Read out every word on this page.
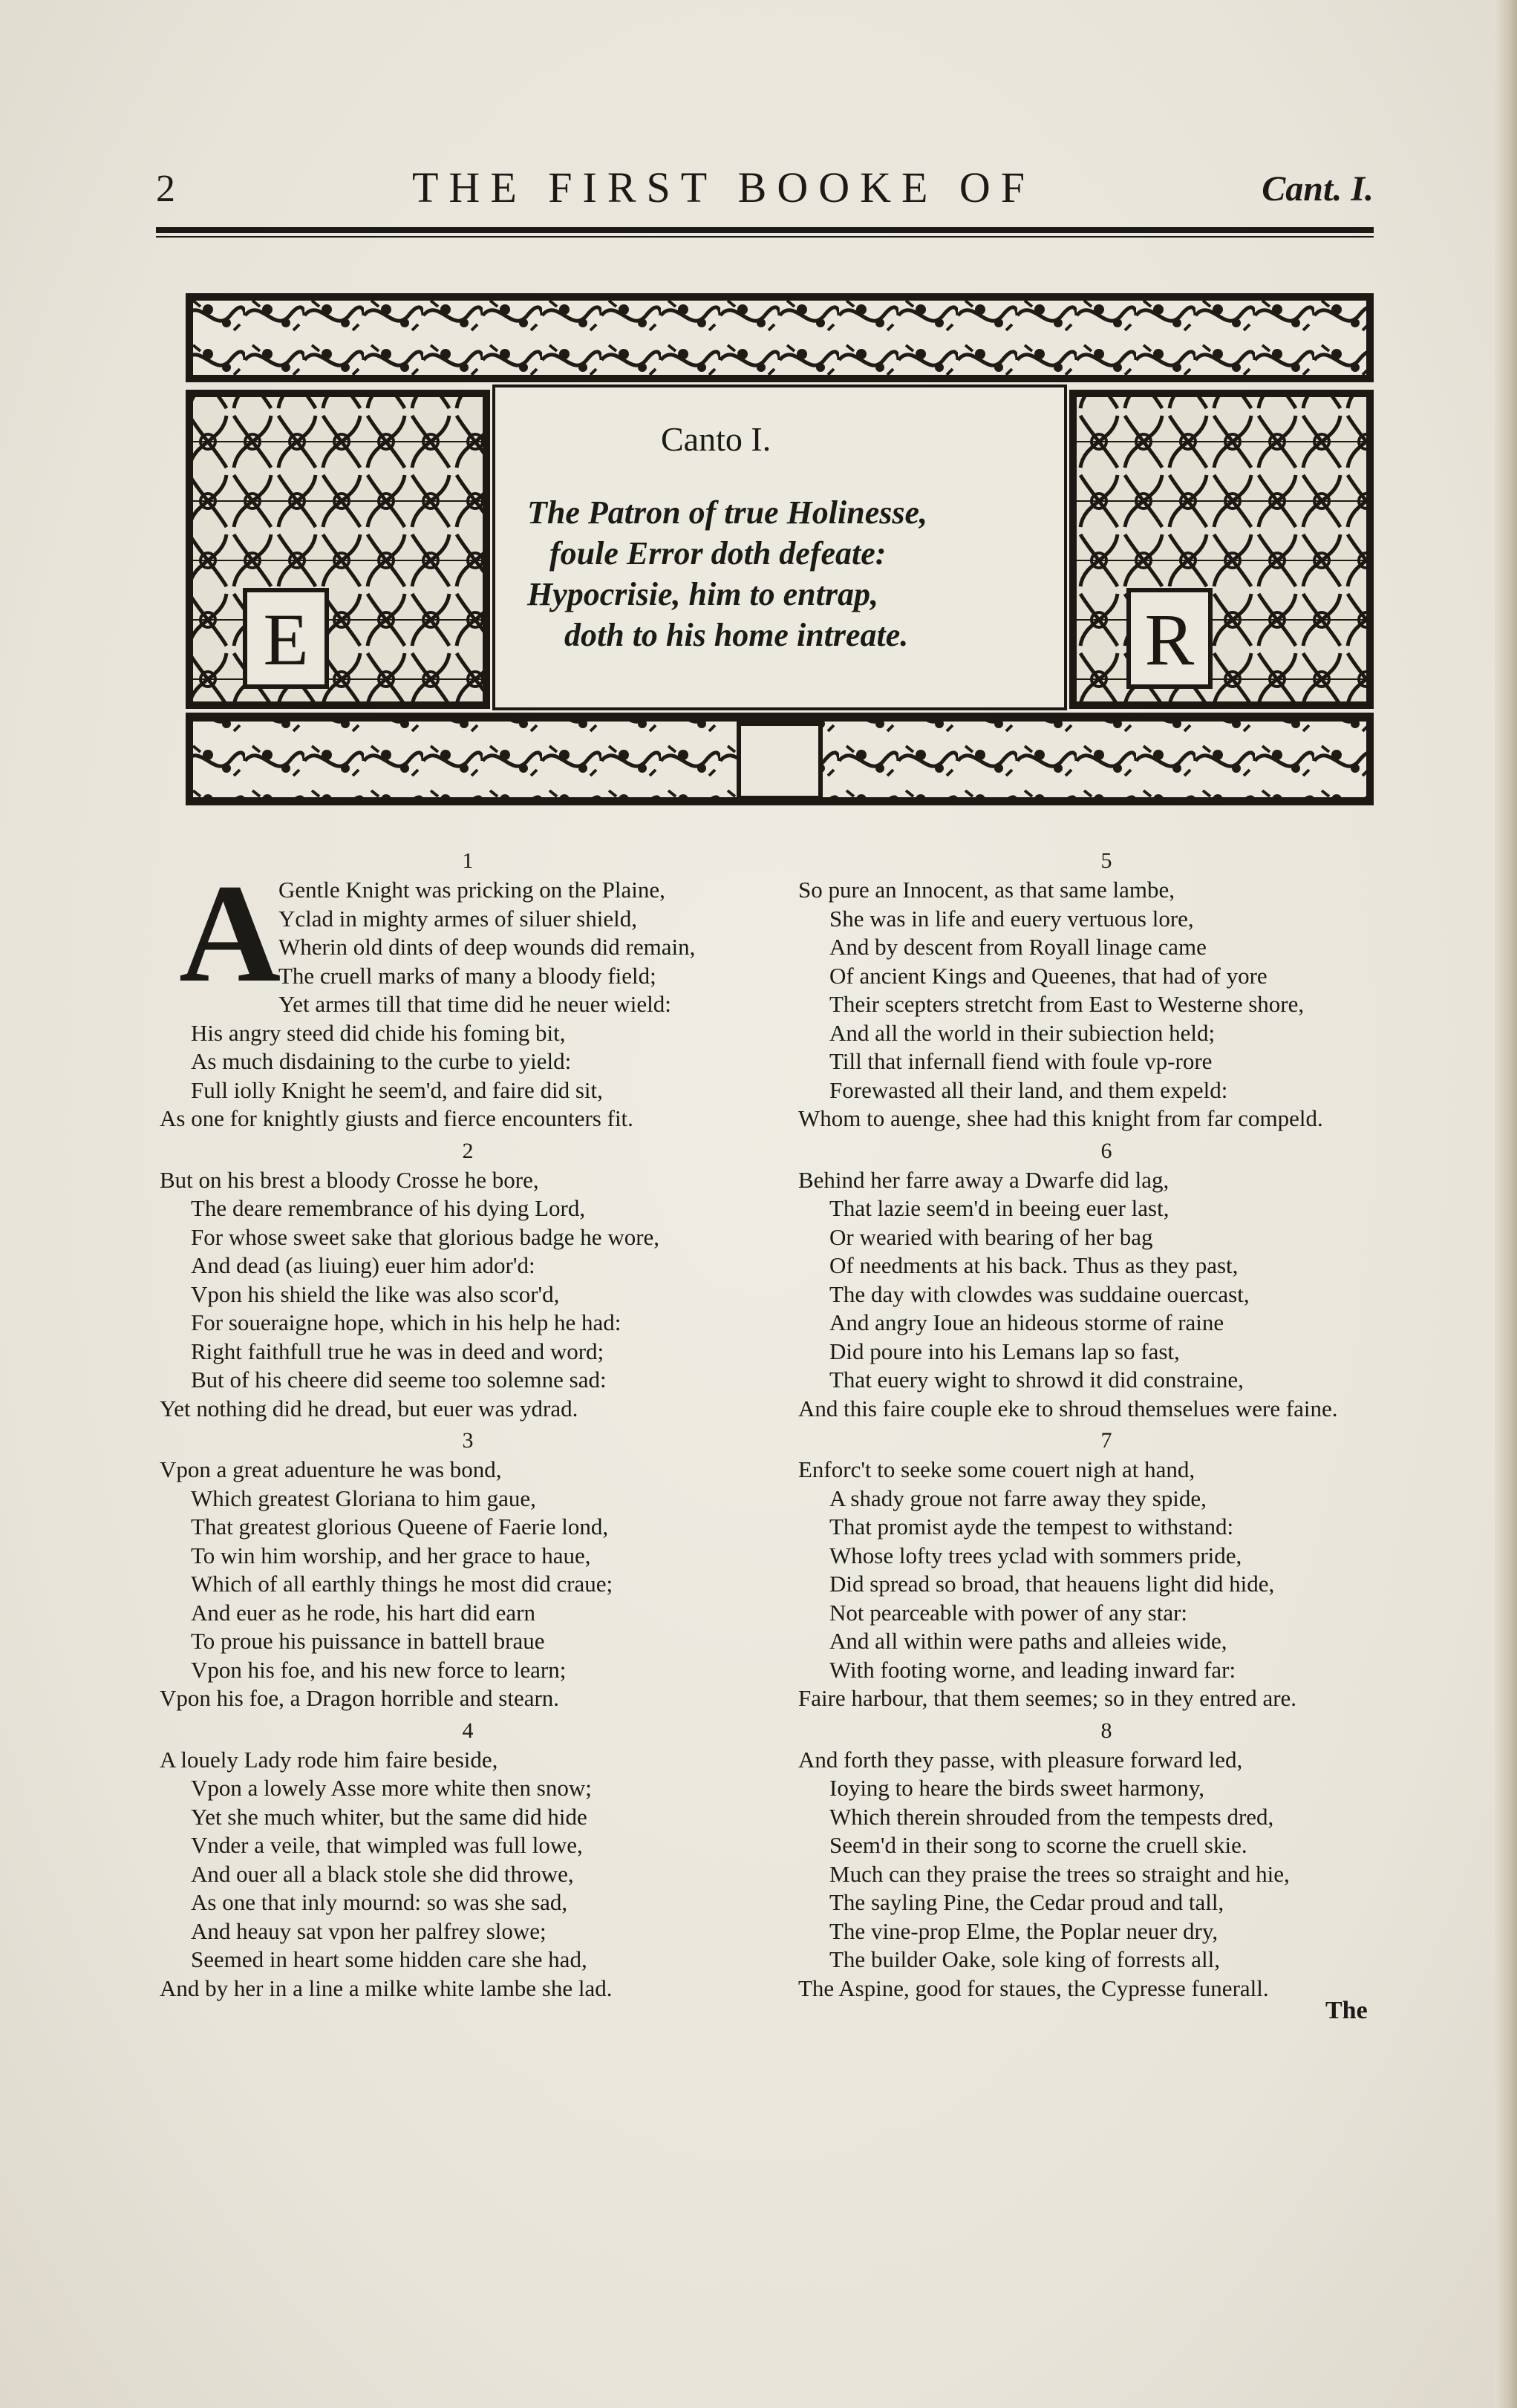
2	THE FIRST BOOKE OF	Cant. I.
E	R
Canto I.
The Patron of true Holinesse,
foule Error doth defeate:
Hypocrisie, him to entrap,
doth to his home intreate.
1
A
Gentle Knight was pricking on the Plaine,
Yclad in mighty armes of siluer shield,
Wherin old dints of deep wounds did remain,
The cruell marks of many a bloody field;
Yet armes till that time did he neuer wield:
His angry steed did chide his foming bit,
As much disdaining to the curbe to yield:
Full iolly Knight he seem'd, and faire did sit,
As one for knightly giusts and fierce encounters fit.
2
But on his brest a bloody Crosse he bore,
The deare remembrance of his dying Lord,
For whose sweet sake that glorious badge he wore,
And dead (as liuing) euer him ador'd:
Vpon his shield the like was also scor'd,
For soueraigne hope, which in his help he had:
Right faithfull true he was in deed and word;
But of his cheere did seeme too solemne sad:
Yet nothing did he dread, but euer was ydrad.
3
Vpon a great aduenture he was bond,
Which greatest Gloriana to him gaue,
That greatest glorious Queene of Faerie lond,
To win him worship, and her grace to haue,
Which of all earthly things he most did craue;
And euer as he rode, his hart did earn
To proue his puissance in battell braue
Vpon his foe, and his new force to learn;
Vpon his foe, a Dragon horrible and stearn.
4
A louely Lady rode him faire beside,
Vpon a lowely Asse more white then snow;
Yet she much whiter, but the same did hide
Vnder a veile, that wimpled was full lowe,
And ouer all a black stole she did throwe,
As one that inly mournd: so was she sad,
And heauy sat vpon her palfrey slowe;
Seemed in heart some hidden care she had,
And by her in a line a milke white lambe she lad.
5
So pure an Innocent, as that same lambe,
She was in life and euery vertuous lore,
And by descent from Royall linage came
Of ancient Kings and Queenes, that had of yore
Their scepters stretcht from East to Westerne shore,
And all the world in their subiection held;
Till that infernall fiend with foule vp-rore
Forewasted all their land, and them expeld:
Whom to auenge, shee had this knight from far compeld.
6
Behind her farre away a Dwarfe did lag,
That lazie seem'd in beeing euer last,
Or wearied with bearing of her bag
Of needments at his back. Thus as they past,
The day with clowdes was suddaine ouercast,
And angry Ioue an hideous storme of raine
Did poure into his Lemans lap so fast,
That euery wight to shrowd it did constraine,
And this faire couple eke to shroud themselues were faine.
7
Enforc't to seeke some couert nigh at hand,
A shady groue not farre away they spide,
That promist ayde the tempest to withstand:
Whose lofty trees yclad with sommers pride,
Did spread so broad, that heauens light did hide,
Not pearceable with power of any star:
And all within were paths and alleies wide,
With footing worne, and leading inward far:
Faire harbour, that them seemes; so in they entred are.
8
And forth they passe, with pleasure forward led,
Ioying to heare the birds sweet harmony,
Which therein shrouded from the tempests dred,
Seem'd in their song to scorne the cruell skie.
Much can they praise the trees so straight and hie,
The sayling Pine, the Cedar proud and tall,
The vine-prop Elme, the Poplar neuer dry,
The builder Oake, sole king of forrests all,
The Aspine, good for staues, the Cypresse funerall.
The
